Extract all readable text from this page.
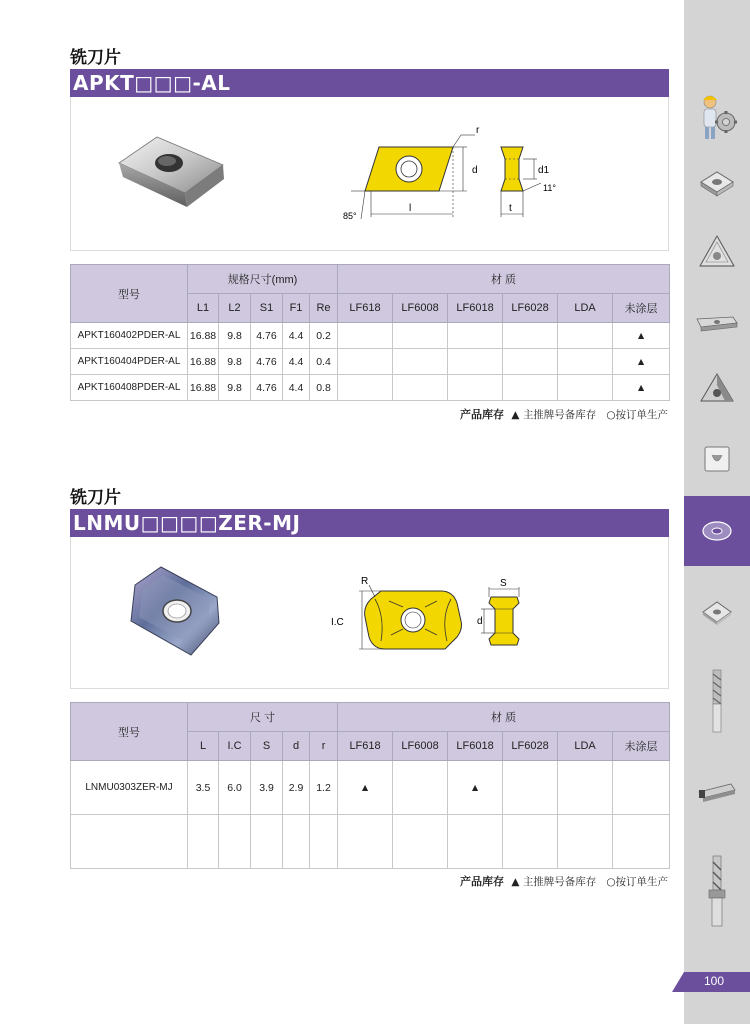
100
铣刀片
APKT□□□-AL
d
r
l
85°
d1
11°
t
型号	规格尺寸(mm)					材 质					
	L1	L2	S1	F1	Re	LF618	LF6008	LF6018	LF6028	LDA	未涂层
APKT160402PDER-AL	16.88	9.8	4.76	4.4	0.2						▲
APKT160404PDER-AL	16.88	9.8	4.76	4.4	0.4						▲
APKT160408PDER-AL	16.88	9.8	4.76	4.4	0.8						▲
产品库存 ▲ 主推牌号备库存 ○按订单生产
铣刀片
LNMU□□□□ZER-MJ
I.C
R	S
d
型号	尺 寸					材 质					
	L	I.C	S	d	r	LF618	LF6008	LF6018	LF6028	LDA	未涂层
LNMU0303ZER-MJ	3.5	6.0	3.9	2.9	1.2	▲		▲			

产品库存 ▲ 主推牌号备库存 ○按订单生产
